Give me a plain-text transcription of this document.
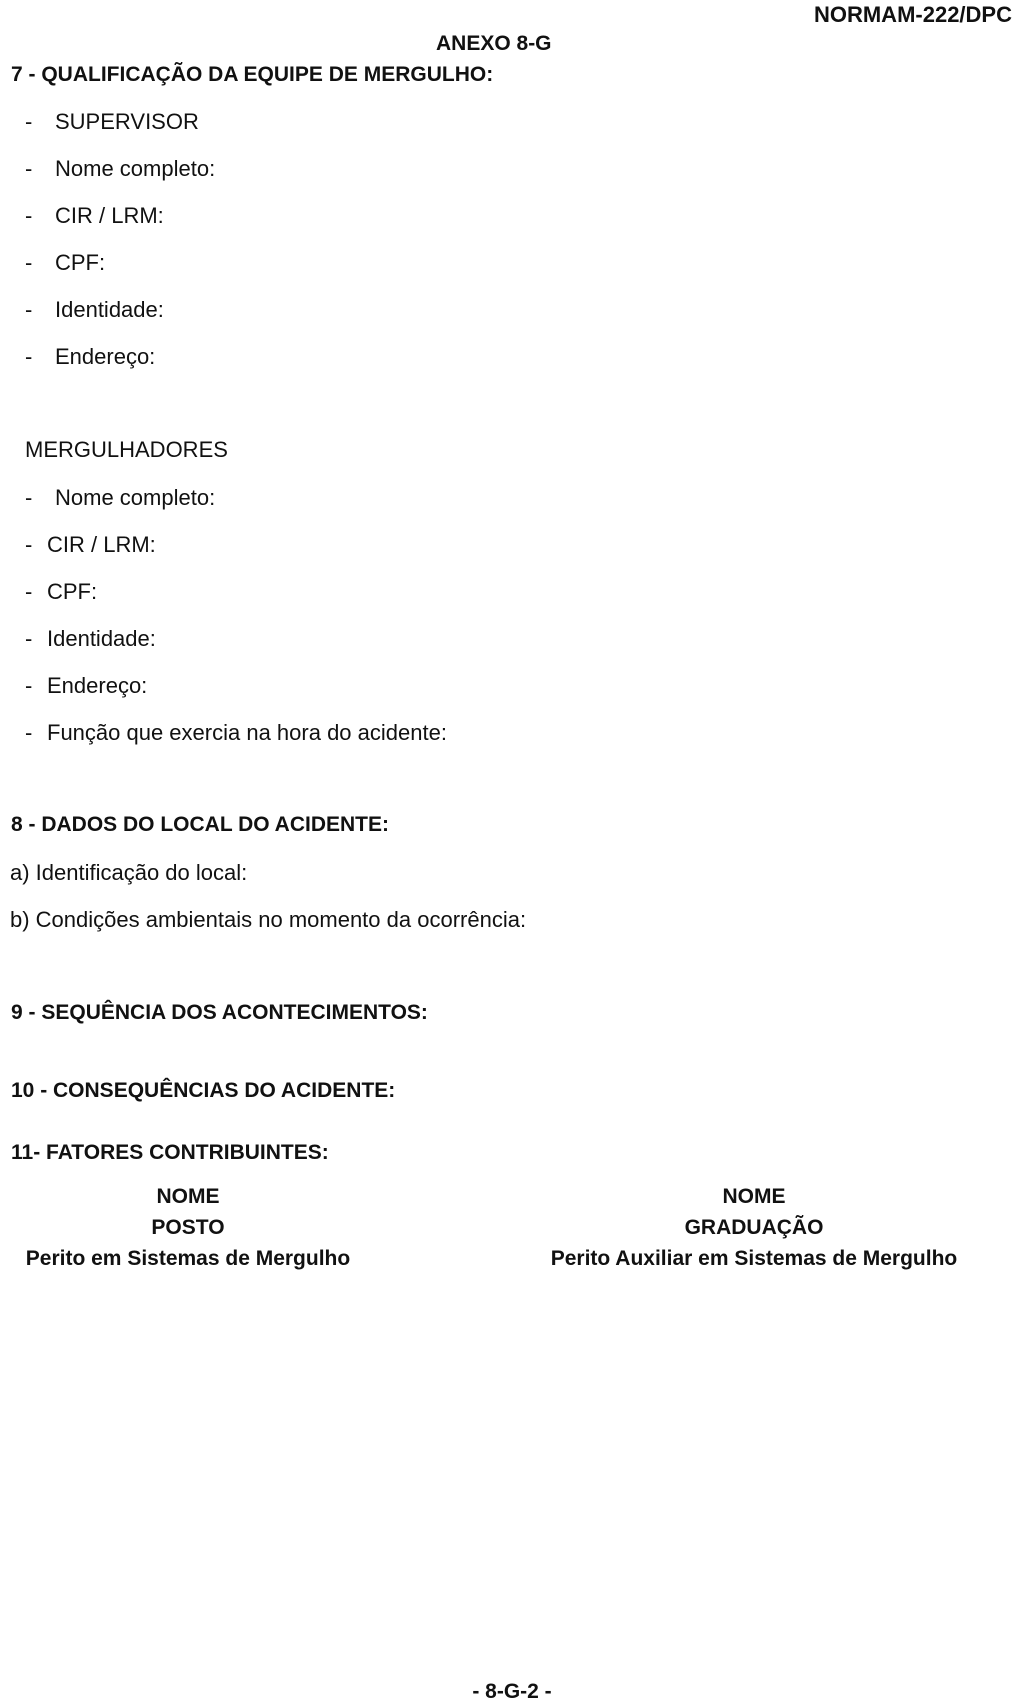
NORMAM-222/DPC
ANEXO 8-G
7 - QUALIFICAÇÃO DA EQUIPE DE MERGULHO:
- SUPERVISOR
- Nome completo:
- CIR / LRM:
- CPF:
- Identidade:
- Endereço:
MERGULHADORES
- Nome completo:
- CIR / LRM:
- CPF:
- Identidade:
- Endereço:
- Função que exercia na hora do acidente:
8 - DADOS DO LOCAL DO ACIDENTE:
a) Identificação do local:
b) Condições ambientais no momento da ocorrência:
9 - SEQUÊNCIA DOS ACONTECIMENTOS:
10 - CONSEQUÊNCIAS DO ACIDENTE:
11- FATORES CONTRIBUINTES:
NOME
POSTO
Perito em Sistemas de Mergulho
NOME
GRADUAÇÃO
Perito Auxiliar em Sistemas de Mergulho
- 8-G-2 -
